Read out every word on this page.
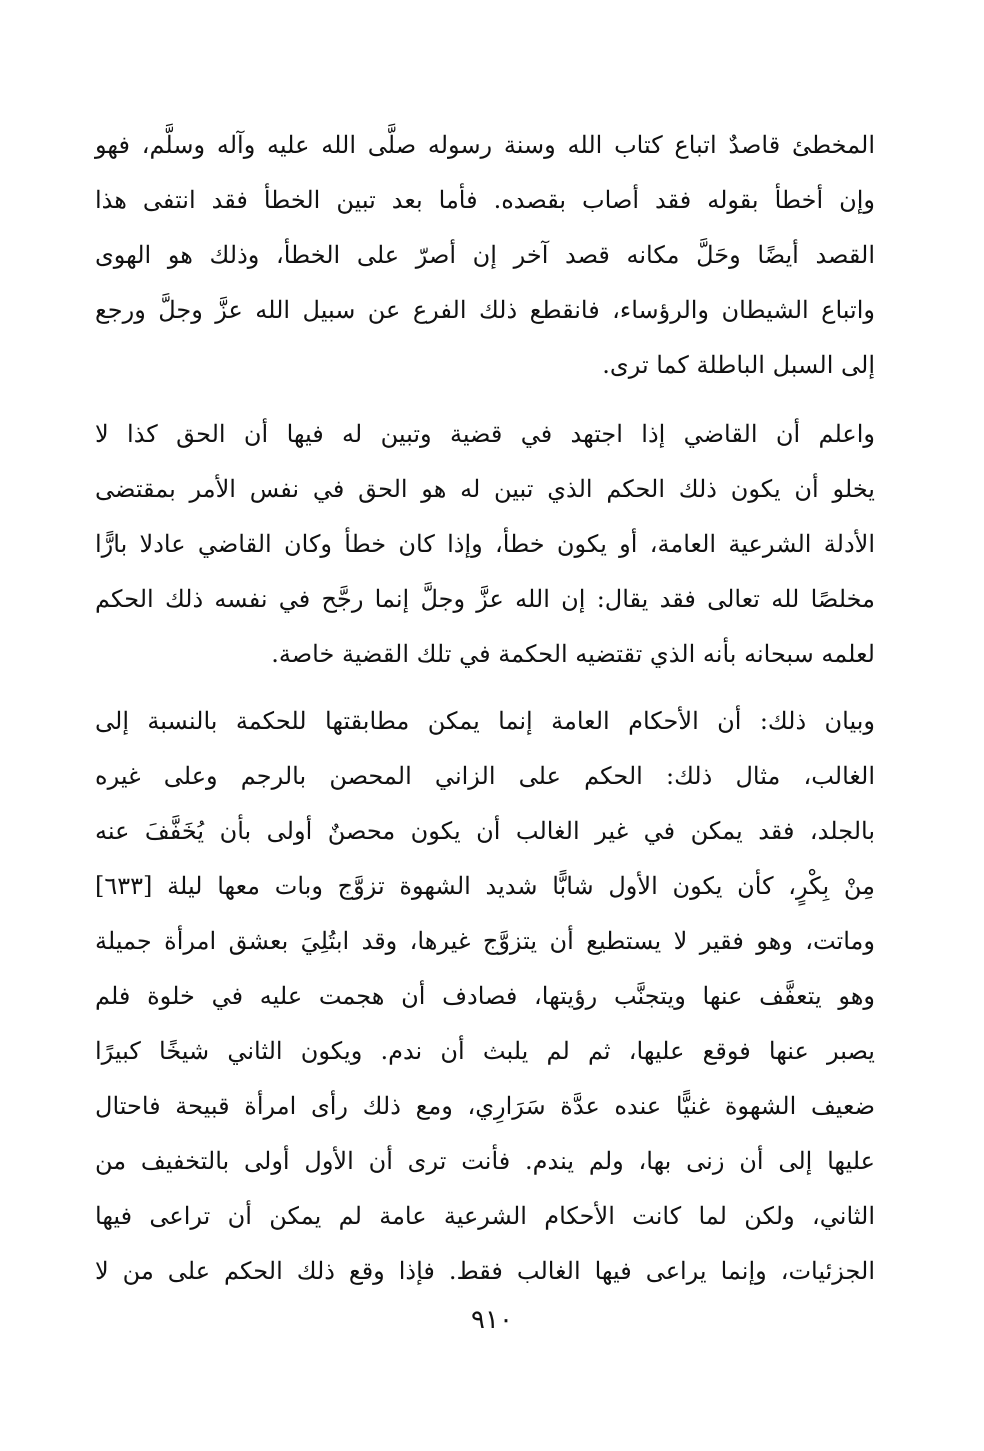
المخطئ قاصدٌ اتباع كتاب الله وسنة رسوله صلَّى الله عليه وآله وسلَّم، فهو
وإن أخطأ بقوله فقد أصاب بقصده. فأما بعد تبين الخطأ فقد انتفى هذا
القصد أيضًا وحَلَّ مكانه قصد آخر إن أصرّ على الخطأ، وذلك هو الهوى
واتباع الشيطان والرؤساء، فانقطع ذلك الفرع عن سبيل الله عزَّ وجلَّ ورجع
إلى السبل الباطلة كما ترى.
واعلم أن القاضي إذا اجتهد في قضية وتبين له فيها أن الحق كذا لا
يخلو أن يكون ذلك الحكم الذي تبين له هو الحق في نفس الأمر بمقتضى
الأدلة الشرعية العامة، أو يكون خطأ، وإذا كان خطأ وكان القاضي عادلا بارًّا
مخلصًا لله تعالى فقد يقال: إن الله عزَّ وجلَّ إنما رجَّح في نفسه ذلك الحكم
لعلمه سبحانه بأنه الذي تقتضيه الحكمة في تلك القضية خاصة.
وبيان ذلك: أن الأحكام العامة إنما يمكن مطابقتها للحكمة بالنسبة إلى
الغالب، مثال ذلك: الحكم على الزاني المحصن بالرجم وعلى غيره
بالجلد، فقد يمكن في غير الغالب أن يكون محصنٌ أولى بأن يُخَفَّفَ عنه
مِنْ بِكْرٍ، كأن يكون الأول شابًّا شديد الشهوة تزوَّج وبات معها ليلة [٦٣٣]
وماتت، وهو فقير لا يستطيع أن يتزوَّج غيرها، وقد ابتُلِيَ بعشق امرأة جميلة
وهو يتعفَّف عنها ويتجنَّب رؤيتها، فصادف أن هجمت عليه في خلوة فلم
يصبر عنها فوقع عليها، ثم لم يلبث أن ندم. ويكون الثاني شيخًا كبيرًا
ضعيف الشهوة غنيًّا عنده عدَّة سَرَارِي، ومع ذلك رأى امرأة قبيحة فاحتال
عليها إلى أن زنى بها، ولم يندم. فأنت ترى أن الأول أولى بالتخفيف من
الثاني، ولكن لما كانت الأحكام الشرعية عامة لم يمكن أن تراعى فيها
الجزئيات، وإنما يراعى فيها الغالب فقط. فإذا وقع ذلك الحكم على من لا
٩١٠
